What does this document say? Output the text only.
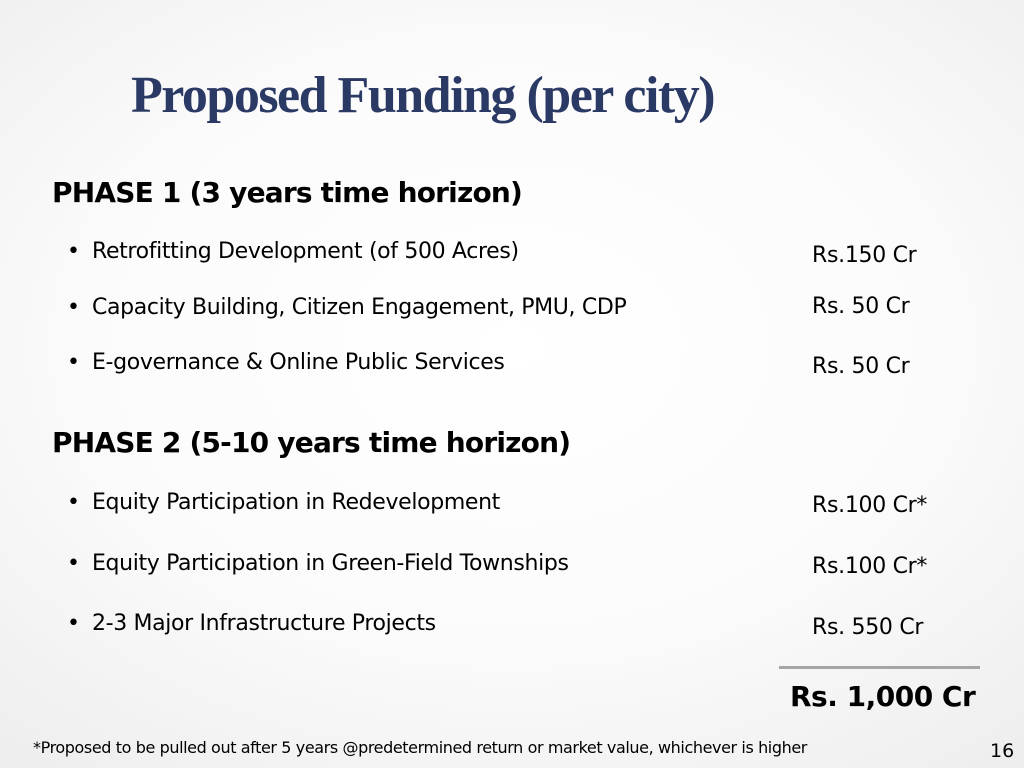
Proposed Funding (per city)
PHASE 1 (3 years time horizon)
• Retrofitting Development (of 500 Acres)	Rs.150 Cr
• Capacity Building, Citizen Engagement, PMU, CDP	Rs. 50 Cr
• E-governance & Online Public Services	Rs. 50 Cr
PHASE 2 (5-10 years time horizon)
• Equity Participation in Redevelopment	Rs.100 Cr*
• Equity Participation in Green-Field Townships	Rs.100 Cr*
• 2-3 Major Infrastructure Projects	Rs. 550 Cr
Rs. 1,000 Cr
*Proposed to be pulled out after 5 years @predetermined return or market value, whichever is higher	16
